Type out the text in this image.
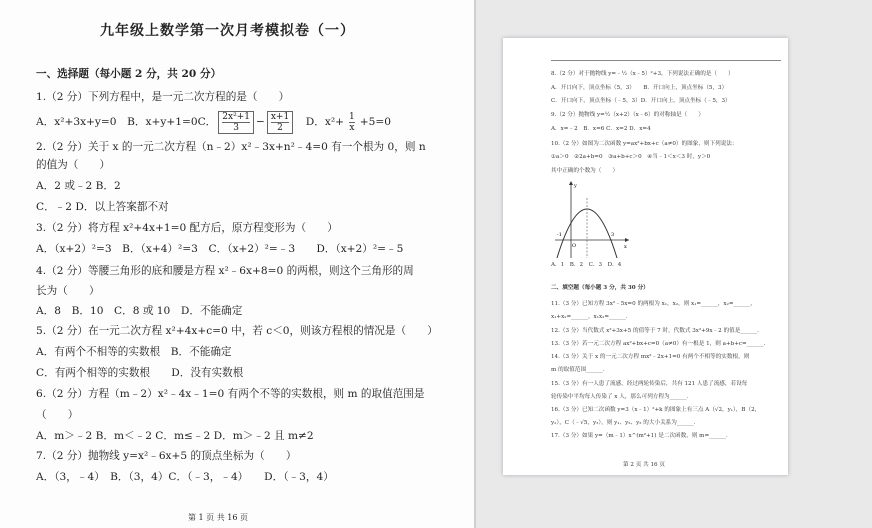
九年级上数学第一次月考模拟卷（一）
一、选择题（每小题 2 分，共 20 分）
1.（2 分）下列方程中，是一元二次方程的是（　　）
A．x²+3x+y=0　B．x+y+1=0C． $\frac{\text{2x²+1}}{3} - \frac{x+1}{2}$
　 D．$x^2+ \frac{1}{x} +5=0$
2.（2 分）关于 x 的一元二次方程（n﹣2）x²﹣3x+n²﹣4=0 有一个根为 0，则 n
的值为（　　）
A．2 或﹣2 B．2
C．﹣2 D．以上答案都不对
3.（2 分）将方程 x²+4x+1=0 配方后，原方程变形为（　　）
A．（x+2）²=3　B．（x+4）²=3　C．（x+2）²=﹣3　　D．（x+2）²=﹣5
4.（2 分）等腰三角形的底和腰是方程 x²﹣6x+8=0 的两根，则这个三角形的周
长为（　　）
A．8　B．10　C．8 或 10　D．不能确定
5.（2 分）在一元二次方程 x²+4x+c=0 中，若 c＜0，则该方程根的情况是（　　）
A．有两个不相等的实数根　B．不能确定
C．有两个相等的实数根　　D．没有实数根
6.（2 分）方程（m﹣2）x²﹣4x﹣1=0 有两个不等的实数根，则 m 的取值范围是
（　　）
A．m＞﹣2 B．m＜﹣2 C．m≤﹣2 D．m＞﹣2 且 m≠2
7.（2 分）抛物线 y=x²﹣6x+5 的顶点坐标为（　　）
A．（3，﹣4）　B．（3，4）C．（﹣3，﹣4）　　D．（﹣3，4）
第 1 页 共 16 页
8.（2 分）对于抛物线 y=﹣½（x﹣5）²+3，下列说法正确的是（　　）
A．开口向下，顶点坐标（5，3）　　B．开口向上，顶点坐标（5，3）
C．开口向下，顶点坐标（﹣5，3）D．开口向上，顶点坐标（﹣5，3）
9.（2 分）抛物线 y=½（x+2）（x﹣6）的对称轴是（　　）
A．x=﹣2　B．x=6 C．x=2 D．x=4
10.（2 分）如图为二次函数 y=ax²+bx+c（a≠0）的图象，则下列说法：
①a＞0　②2a+b=0　③a+b+c＞0　④当﹣1＜x＜3 时，y＞0
其中正确的个数为（　　）
y
x
O
-1	3
A．1　B．2　C．3　D．4
二、填空题（每小题 3 分，共 30 分）
11.（3 分）已知方程 3x²﹣5x=0 的两根为 x₁，x₂，则 x₁=______，x₂=______，
x₁+x₂=______，x₁x₂=______．
12.（3 分）当代数式 x²+3x+5 的值等于 7 时，代数式 3x²+9x﹣2 的值是______．
13.（3 分）若一元二次方程 ax²+bx+c=0（a≠0）有一根是 1，则 a+b+c=______．
14.（3 分）关于 x 的一元二次方程 mx²﹣2x+1=0 有两个不相等的实数根，则
m 的取值范围______．
15.（3 分）有一人患了流感，经过两轮传染后，共有 121 人患了流感，若设每
轮传染中平均每人传染了 x 人，那么可列方程为______．
16.（3 分）已知二次函数 y=3（x﹣1）²+k 的图象上有三点 A（√2，y₁），B（2，
y₂），C（﹣√5，y₃），则 y₁、y₂、y₃ 的大小关系为______．
17.（3 分）如果 y=（m﹣1）x^(m²+1) 是二次函数，则 m=______．
第 2 页 共 16 页
